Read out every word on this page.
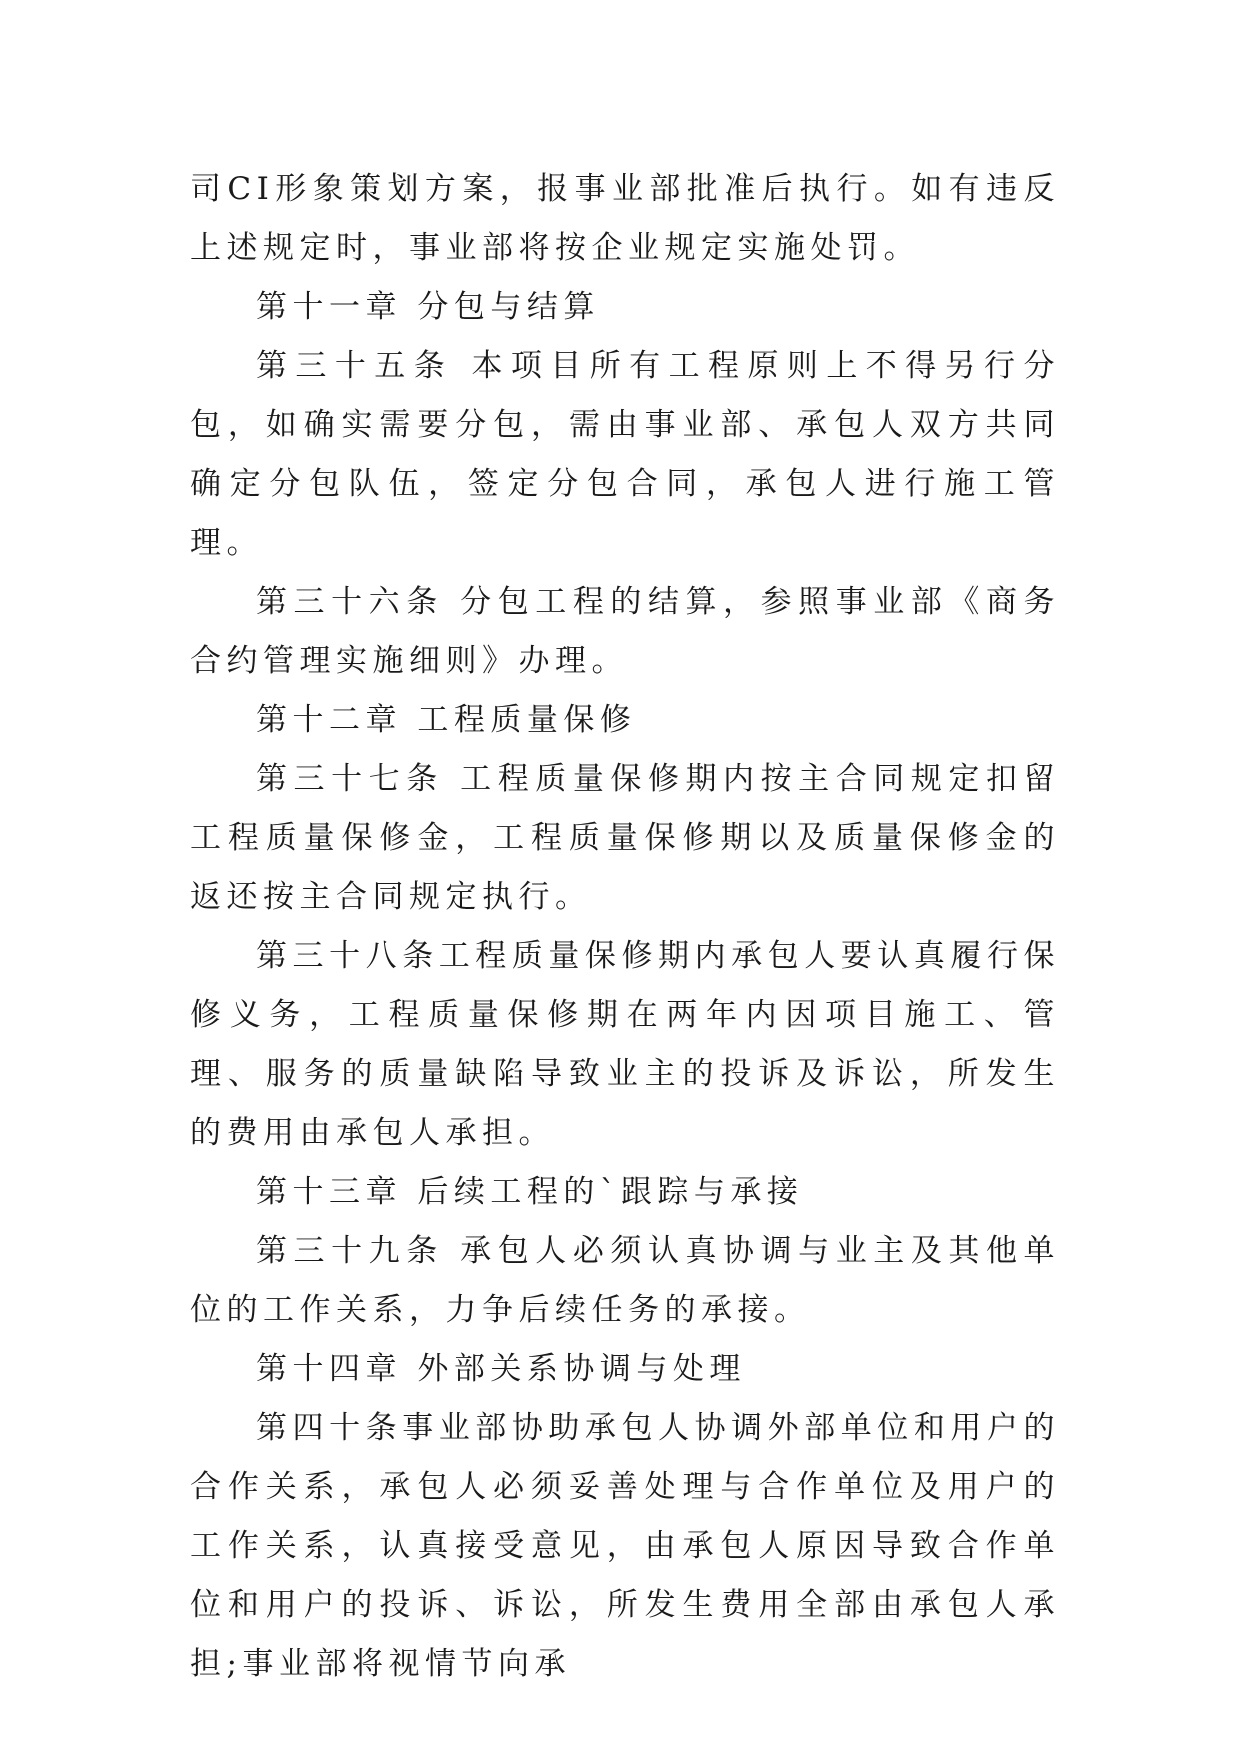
司CI形象策划方案，报事业部批准后执行。如有违反上述规定时，事业部将按企业规定实施处罚。

第十一章 分包与结算

第三十五条 本项目所有工程原则上不得另行分包，如确实需要分包，需由事业部、承包人双方共同确定分包队伍，签定分包合同，承包人进行施工管理。

第三十六条 分包工程的结算，参照事业部《商务合约管理实施细则》办理。

第十二章 工程质量保修

第三十七条 工程质量保修期内按主合同规定扣留工程质量保修金，工程质量保修期以及质量保修金的返还按主合同规定执行。

第三十八条工程质量保修期内承包人要认真履行保修义务，工程质量保修期在两年内因项目施工、管理、服务的质量缺陷导致业主的投诉及诉讼，所发生的费用由承包人承担。

第十三章 后续工程的`跟踪与承接

第三十九条 承包人必须认真协调与业主及其他单位的工作关系，力争后续任务的承接。

第十四章 外部关系协调与处理

第四十条事业部协助承包人协调外部单位和用户的合作关系，承包人必须妥善处理与合作单位及用户的工作关系，认真接受意见，由承包人原因导致合作单位和用户的投诉、诉讼，所发生费用全部由承包人承担;事业部将视情节向承
